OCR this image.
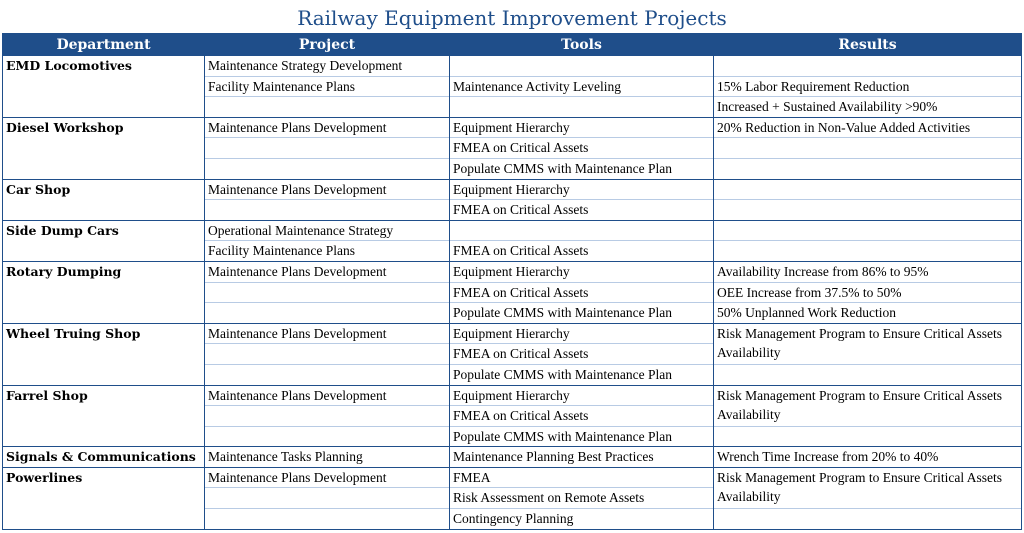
Railway Equipment Improvement Projects
Department	Project	Tools	Results
EMD Locomotives	Maintenance Strategy Development		
	Facility Maintenance Plans	Maintenance Activity Leveling	15% Labor Requirement Reduction
			Increased + Sustained Availability >90%
Diesel Workshop	Maintenance Plans Development	Equipment Hierarchy	20% Reduction in Non-Value Added Activities
		FMEA on Critical Assets	
		Populate CMMS with Maintenance Plan	
Car Shop	Maintenance Plans Development	Equipment Hierarchy	
		FMEA on Critical Assets	
Side Dump Cars	Operational Maintenance Strategy		
	Facility Maintenance Plans	FMEA on Critical Assets	
Rotary Dumping	Maintenance Plans Development	Equipment Hierarchy	Availability Increase from 86% to 95%
		FMEA on Critical Assets	OEE Increase from 37.5% to 50%
		Populate CMMS with Maintenance Plan	50% Unplanned Work Reduction
Wheel Truing Shop	Maintenance Plans Development	Equipment Hierarchy	Risk Management Program to Ensure Critical Assets Availability
		FMEA on Critical Assets	
		Populate CMMS with Maintenance Plan	
Farrel Shop	Maintenance Plans Development	Equipment Hierarchy	Risk Management Program to Ensure Critical Assets Availability
		FMEA on Critical Assets	
		Populate CMMS with Maintenance Plan	
Signals & Communications	Maintenance Tasks Planning	Maintenance Planning Best Practices	Wrench Time Increase from 20% to 40%
Powerlines	Maintenance Plans Development	FMEA	Risk Management Program to Ensure Critical Assets Availability
		Risk Assessment on Remote Assets	
		Contingency Planning	
